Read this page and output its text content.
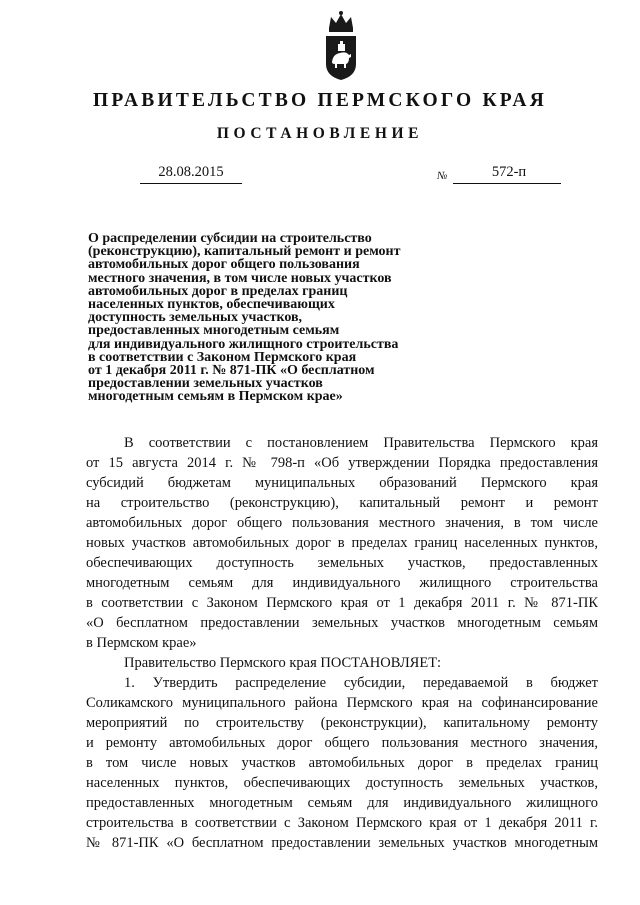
ПРАВИТЕЛЬСТВО ПЕРМСКОГО КРАЯ
ПОСТАНОВЛЕНИЕ
28.08.2015	№	572-п
О распределении субсидии на строительство
(реконструкцию), капитальный ремонт и ремонт
автомобильных дорог общего пользования
местного значения, в том числе новых участков
автомобильных дорог в пределах границ
населенных пунктов, обеспечивающих
доступность земельных участков,
предоставленных многодетным семьям
для индивидуального жилищного строительства
в соответствии с Законом Пермского края
от 1 декабря 2011 г. № 871-ПК «О бесплатном
предоставлении земельных участков
многодетным семьям в Пермском крае»
В соответствии с постановлением Правительства Пермского края
от 15 августа 2014 г. № 798-п «Об утверждении Порядка предоставления
субсидий бюджетам муниципальных образований Пермского края
на строительство (реконструкцию), капитальный ремонт и ремонт
автомобильных дорог общего пользования местного значения, в том числе
новых участков автомобильных дорог в пределах границ населенных пунктов,
обеспечивающих доступность земельных участков, предоставленных
многодетным семьям для индивидуального жилищного строительства
в соответствии с Законом Пермского края от 1 декабря 2011 г. № 871-ПК
«О бесплатном предоставлении земельных участков многодетным семьям
в Пермском крае»
Правительство Пермского края ПОСТАНОВЛЯЕТ:
1. Утвердить распределение субсидии, передаваемой в бюджет
Соликамского муниципального района Пермского края на софинансирование
мероприятий по строительству (реконструкции), капитальному ремонту
и ремонту автомобильных дорог общего пользования местного значения,
в том числе новых участков автомобильных дорог в пределах границ
населенных пунктов, обеспечивающих доступность земельных участков,
предоставленных многодетным семьям для индивидуального жилищного
строительства в соответствии с Законом Пермского края от 1 декабря 2011 г.
№ 871-ПК «О бесплатном предоставлении земельных участков многодетным
